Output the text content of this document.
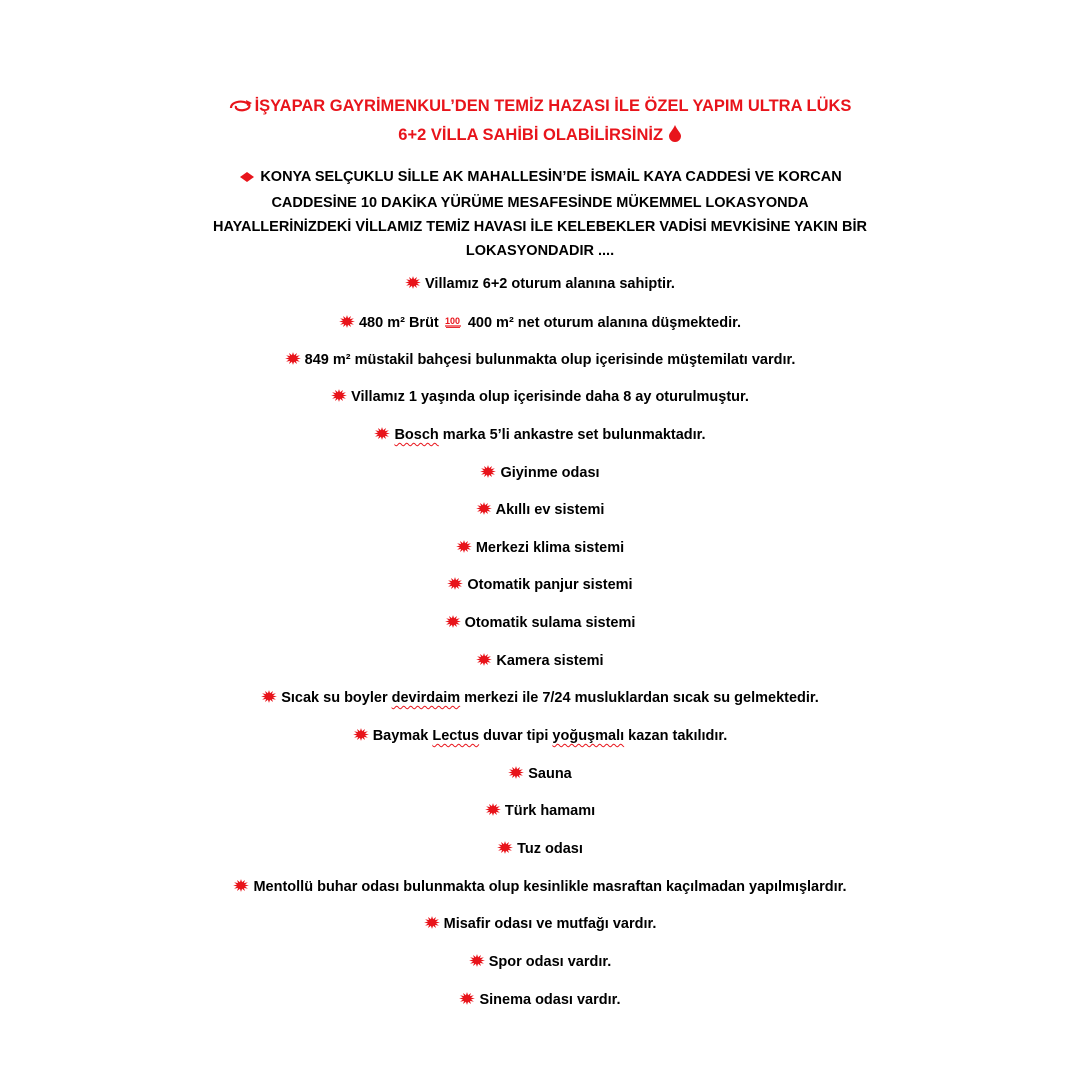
İŞYAPAR GAYRİMENKUL’DEN TEMİZ HAZASI İLE ÖZEL YAPIM ULTRA LÜKS
6+2 VİLLA SAHİBİ OLABİLİRSİNİZ
KONYA SELÇUKLU SİLLE AK MAHALLESİN’DE İSMAİL KAYA CADDESİ VE KORCAN
CADDESİNE 10 DAKİKA YÜRÜME MESAFESİNDE MÜKEMMEL LOKASYONDA
HAYALLERİNİZDEKİ VİLLAMIZ TEMİZ HAVASI İLE KELEBEKLER VADİSİ MEVKİSİNE YAKIN BİR
LOKASYONDADIR ....
Villamız 6+2 oturum alanına sahiptir.
480 m² Brüt 100 400 m² net oturum alanına düşmektedir.
849 m² müstakil bahçesi bulunmakta olup içerisinde müştemilatı vardır.
Villamız 1 yaşında olup içerisinde daha 8 ay oturulmuştur.
Bosch marka 5’li ankastre set bulunmaktadır.
Giyinme odası
Akıllı ev sistemi
Merkezi klima sistemi
Otomatik panjur sistemi
Otomatik sulama sistemi
Kamera sistemi
Sıcak su boyler devirdaim merkezi ile 7/24 musluklardan sıcak su gelmektedir.
Baymak Lectus duvar tipi yoğuşmalı kazan takılıdır.
Sauna
Türk hamamı
Tuz odası
Mentollü buhar odası bulunmakta olup kesinlikle masraftan kaçılmadan yapılmışlardır.
Misafir odası ve mutfağı vardır.
Spor odası vardır.
Sinema odası vardır.
